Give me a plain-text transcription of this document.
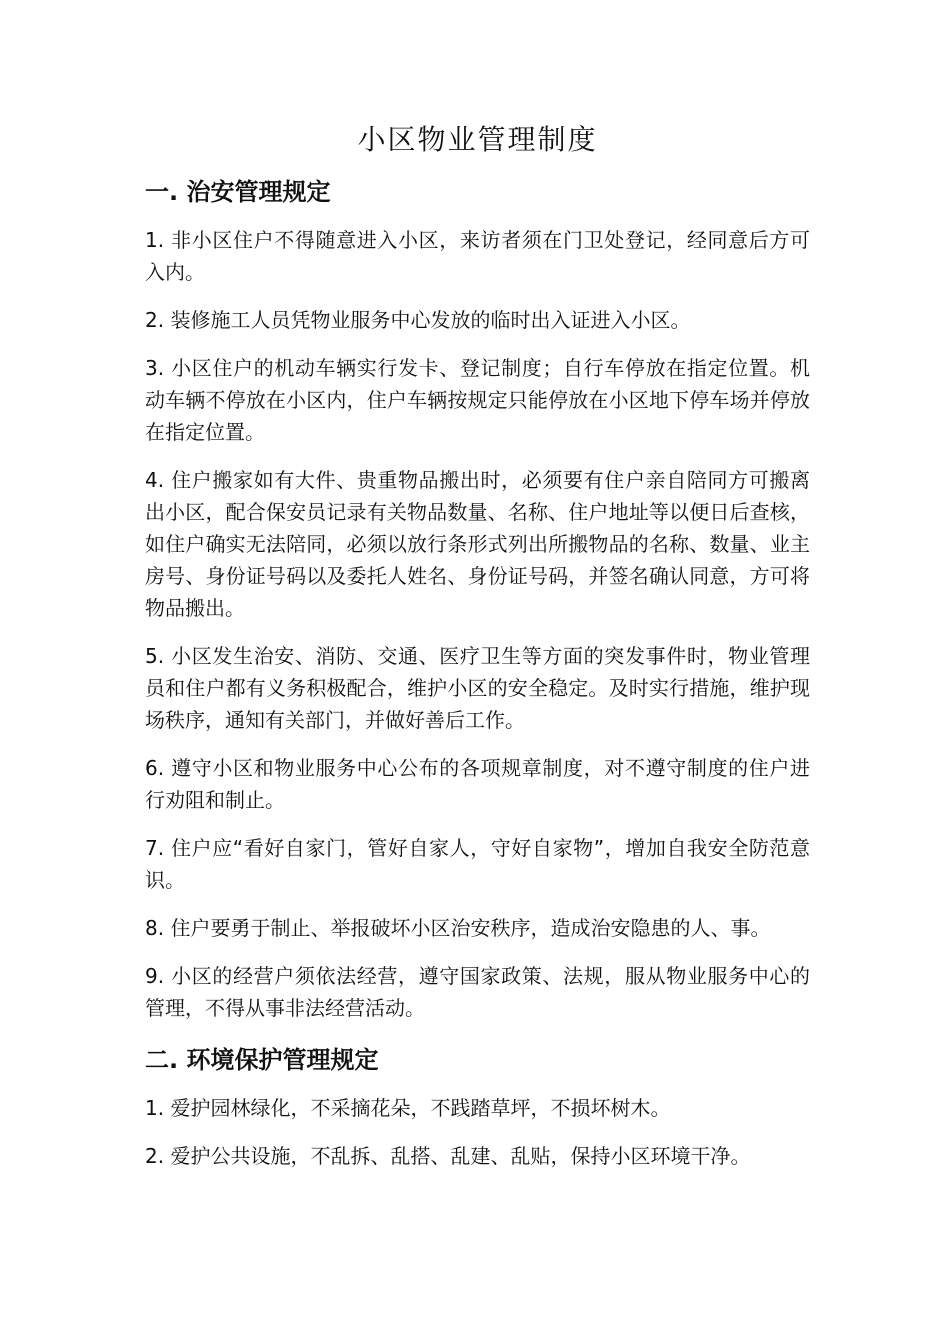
小区物业管理制度
一. 治安管理规定

1. 非小区住户不得随意进入小区，来访者须在门卫处登记，经同意后方可入内。

2. 装修施工人员凭物业服务中心发放的临时出入证进入小区。

3. 小区住户的机动车辆实行发卡、登记制度；自行车停放在指定位置。机动车辆不停放在小区内，住户车辆按规定只能停放在小区地下停车场并停放在指定位置。

4. 住户搬家如有大件、贵重物品搬出时，必须要有住户亲自陪同方可搬离出小区，配合保安员记录有关物品数量、名称、住户地址等以便日后查核，如住户确实无法陪同，必须以放行条形式列出所搬物品的名称、数量、业主房号、身份证号码以及委托人姓名、身份证号码，并签名确认同意，方可将物品搬出。

5. 小区发生治安、消防、交通、医疗卫生等方面的突发事件时，物业管理员和住户都有义务积极配合，维护小区的安全稳定。及时实行措施，维护现场秩序，通知有关部门，并做好善后工作。

6. 遵守小区和物业服务中心公布的各项规章制度，对不遵守制度的住户进行劝阻和制止。

7. 住户应“看好自家门，管好自家人，守好自家物”，增加自我安全防范意识。

8. 住户要勇于制止、举报破坏小区治安秩序，造成治安隐患的人、事。

9. 小区的经营户须依法经营，遵守国家政策、法规，服从物业服务中心的管理，不得从事非法经营活动。

二. 环境保护管理规定

1. 爱护园林绿化，不采摘花朵，不践踏草坪，不损坏树木。

2. 爱护公共设施，不乱拆、乱搭、乱建、乱贴，保持小区环境干净。
